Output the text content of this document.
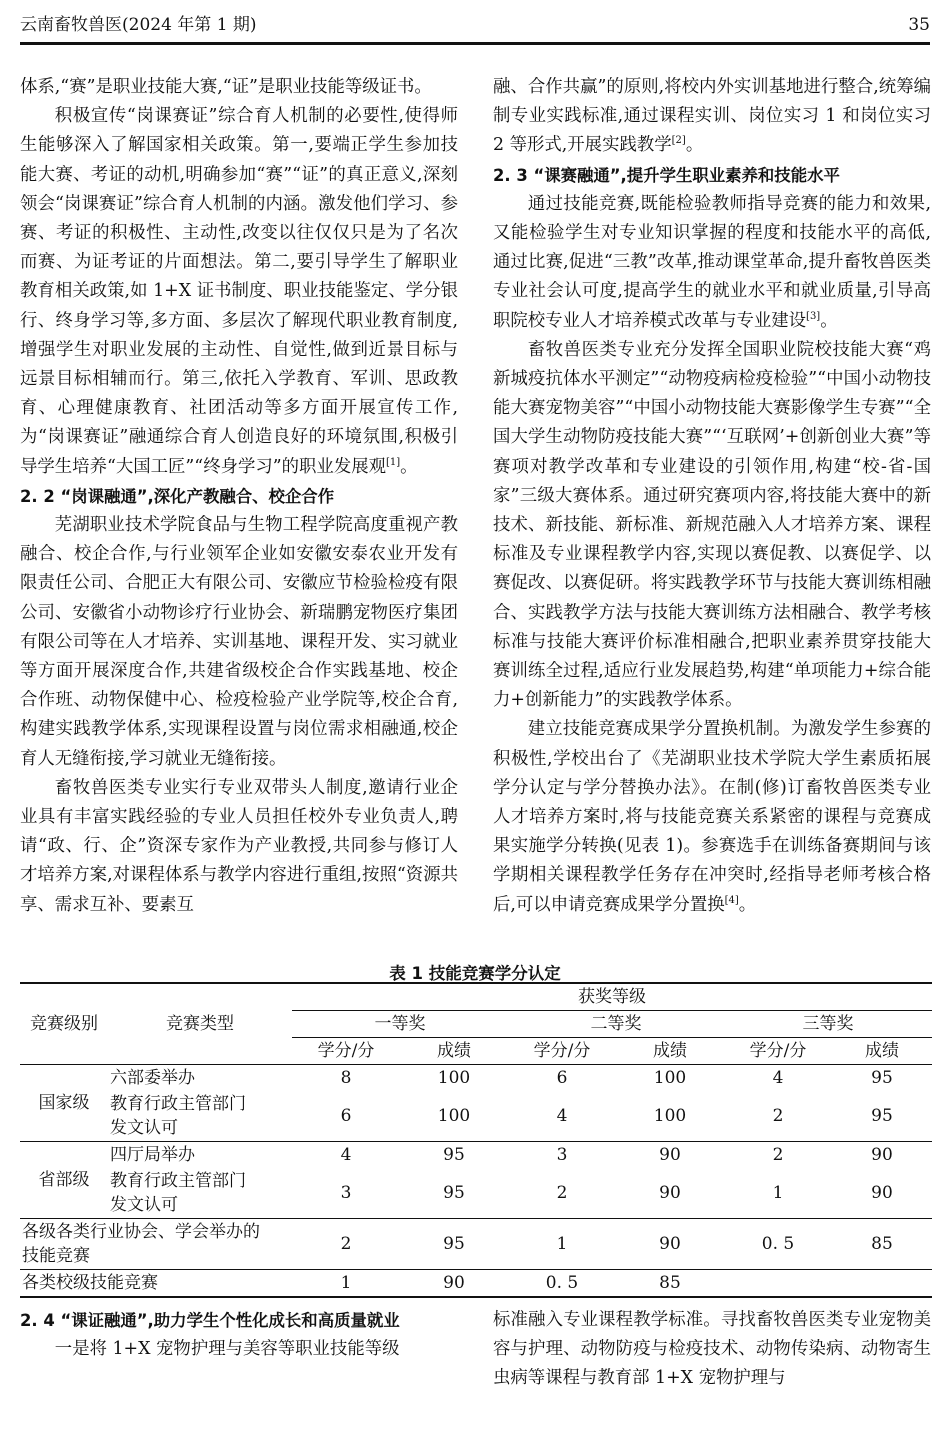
云南畜牧兽医(2024 年第 1 期)	35

体系,“赛”是职业技能大赛,“证”是职业技能等级证书。

积极宣传“岗课赛证”综合育人机制的必要性,使得师生能够深入了解国家相关政策。第一,要端正学生参加技能大赛、考证的动机,明确参加“赛”“证”的真正意义,深刻领会“岗课赛证”综合育人机制的内涵。激发他们学习、参赛、考证的积极性、主动性,改变以往仅仅只是为了名次而赛、为证考证的片面想法。第二,要引导学生了解职业教育相关政策,如 1+X 证书制度、职业技能鉴定、学分银行、终身学习等,多方面、多层次了解现代职业教育制度,增强学生对职业发展的主动性、自觉性,做到近景目标与远景目标相辅而行。第三,依托入学教育、军训、思政教育、心理健康教育、社团活动等多方面开展宣传工作,为“岗课赛证”融通综合育人创造良好的环境氛围,积极引导学生培养“大国工匠”“终身学习”的职业发展观[1]。

2. 2 “岗课融通”,深化产教融合、校企合作

芜湖职业技术学院食品与生物工程学院高度重视产教融合、校企合作,与行业领军企业如安徽安泰农业开发有限责任公司、合肥正大有限公司、安徽应节检验检疫有限公司、安徽省小动物诊疗行业协会、新瑞鹏宠物医疗集团有限公司等在人才培养、实训基地、课程开发、实习就业等方面开展深度合作,共建省级校企合作实践基地、校企合作班、动物保健中心、检疫检验产业学院等,校企合育,构建实践教学体系,实现课程设置与岗位需求相融通,校企育人无缝衔接,学习就业无缝衔接。

畜牧兽医类专业实行专业双带头人制度,邀请行业企业具有丰富实践经验的专业人员担任校外专业负责人,聘请“政、行、企”资深专家作为产业教授,共同参与修订人才培养方案,对课程体系与教学内容进行重组,按照“资源共享、需求互补、要素互

融、合作共赢”的原则,将校内外实训基地进行整合,统筹编制专业实践标准,通过课程实训、岗位实习 1 和岗位实习 2 等形式,开展实践教学[2]。

2. 3 “课赛融通”,提升学生职业素养和技能水平

通过技能竞赛,既能检验教师指导竞赛的能力和效果,又能检验学生对专业知识掌握的程度和技能水平的高低,通过比赛,促进“三教”改革,推动课堂革命,提升畜牧兽医类专业社会认可度,提高学生的就业水平和就业质量,引导高职院校专业人才培养模式改革与专业建设[3]。

畜牧兽医类专业充分发挥全国职业院校技能大赛“鸡新城疫抗体水平测定”“动物疫病检疫检验”“中国小动物技能大赛宠物美容”“中国小动物技能大赛影像学生专赛”“全国大学生动物防疫技能大赛”“‘互联网’+创新创业大赛”等赛项对教学改革和专业建设的引领作用,构建“校-省-国家”三级大赛体系。通过研究赛项内容,将技能大赛中的新技术、新技能、新标准、新规范融入人才培养方案、课程标准及专业课程教学内容,实现以赛促教、以赛促学、以赛促改、以赛促研。将实践教学环节与技能大赛训练相融合、实践教学方法与技能大赛训练方法相融合、教学考核标准与技能大赛评价标准相融合,把职业素养贯穿技能大赛训练全过程,适应行业发展趋势,构建“单项能力+综合能力+创新能力”的实践教学体系。

建立技能竞赛成果学分置换机制。为激发学生参赛的积极性,学校出台了《芜湖职业技术学院大学生素质拓展学分认定与学分替换办法》。在制(修)订畜牧兽医类专业人才培养方案时,将与技能竞赛关系紧密的课程与竞赛成果实施学分转换(见表 1)。参赛选手在训练备赛期间与该学期相关课程教学任务存在冲突时,经指导老师考核合格后,可以申请竞赛成果学分置换[4]。

表 1 技能竞赛学分认定
竞赛级别	竞赛类型	获奖等级					
		一等奖		二等奖		三等奖	
		学分/分	成绩	学分/分	成绩	学分/分	成绩
国家级	六部委举办	8	100	6	100	4	95
	教育行政主管部门发文认可	6	100	4	100	2	95
省部级	四厅局举办	4	95	3	90	2	90
	教育行政主管部门发文认可	3	95	2	90	1	90
各级各类行业协会、学会举办的技能竞赛		2	95	1	90	0. 5	85
各类校级技能竞赛		1	90	0. 5	85		

2. 4 “课证融通”,助力学生个性化成长和高质量就业

一是将 1+X 宠物护理与美容等职业技能等级

标准融入专业课程教学标准。寻找畜牧兽医类专业宠物美容与护理、动物防疫与检疫技术、动物传染病、动物寄生虫病等课程与教育部 1+X 宠物护理与
